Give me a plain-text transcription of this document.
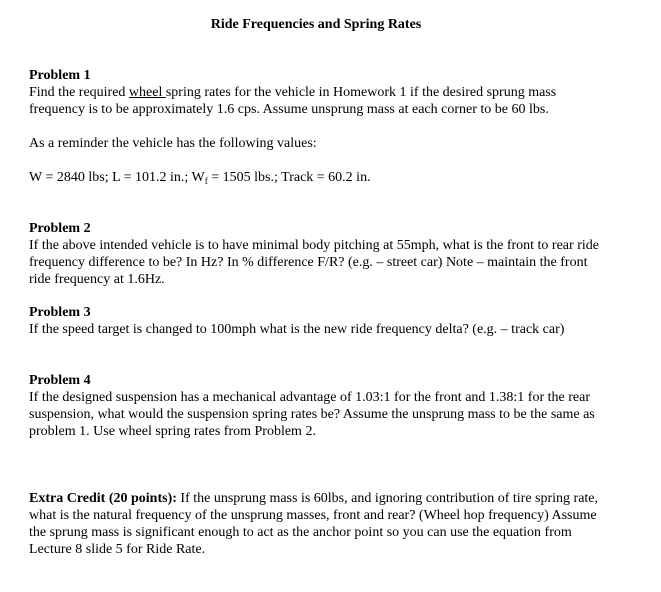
Ride Frequencies and Spring Rates

Problem 1

Find the required wheel spring rates for the vehicle in Homework 1 if the desired sprung mass frequency is to be approximately 1.6 cps. Assume unsprung mass at each corner to be 60 lbs.

As a reminder the vehicle has the following values:
W = 2840 lbs; L = 101.2 in.; $W_f = 1505$ lbs.; Track = 60.2 in.

Problem 2

If the above intended vehicle is to have minimal body pitching at 55mph, what is the front to rear ride frequency difference to be? In Hz? In % difference F/R? (e.g. – street car) Note – maintain the front ride frequency at 1.6Hz.

Problem 3

If the speed target is changed to 100mph what is the new ride frequency delta? (e.g. – track car)

Problem 4

If the designed suspension has a mechanical advantage of 1.03:1 for the front and 1.38:1 for the rear suspension, what would the suspension spring rates be? Assume the unsprung mass to be the same as problem 1. Use wheel spring rates from Problem 2.

Extra Credit (20 points): If the unsprung mass is 60lbs, and ignoring contribution of tire spring rate, what is the natural frequency of the unsprung masses, front and rear? (Wheel hop frequency) Assume the sprung mass is significant enough to act as the anchor point so you can use the equation from Lecture 8 slide 5 for Ride Rate.
